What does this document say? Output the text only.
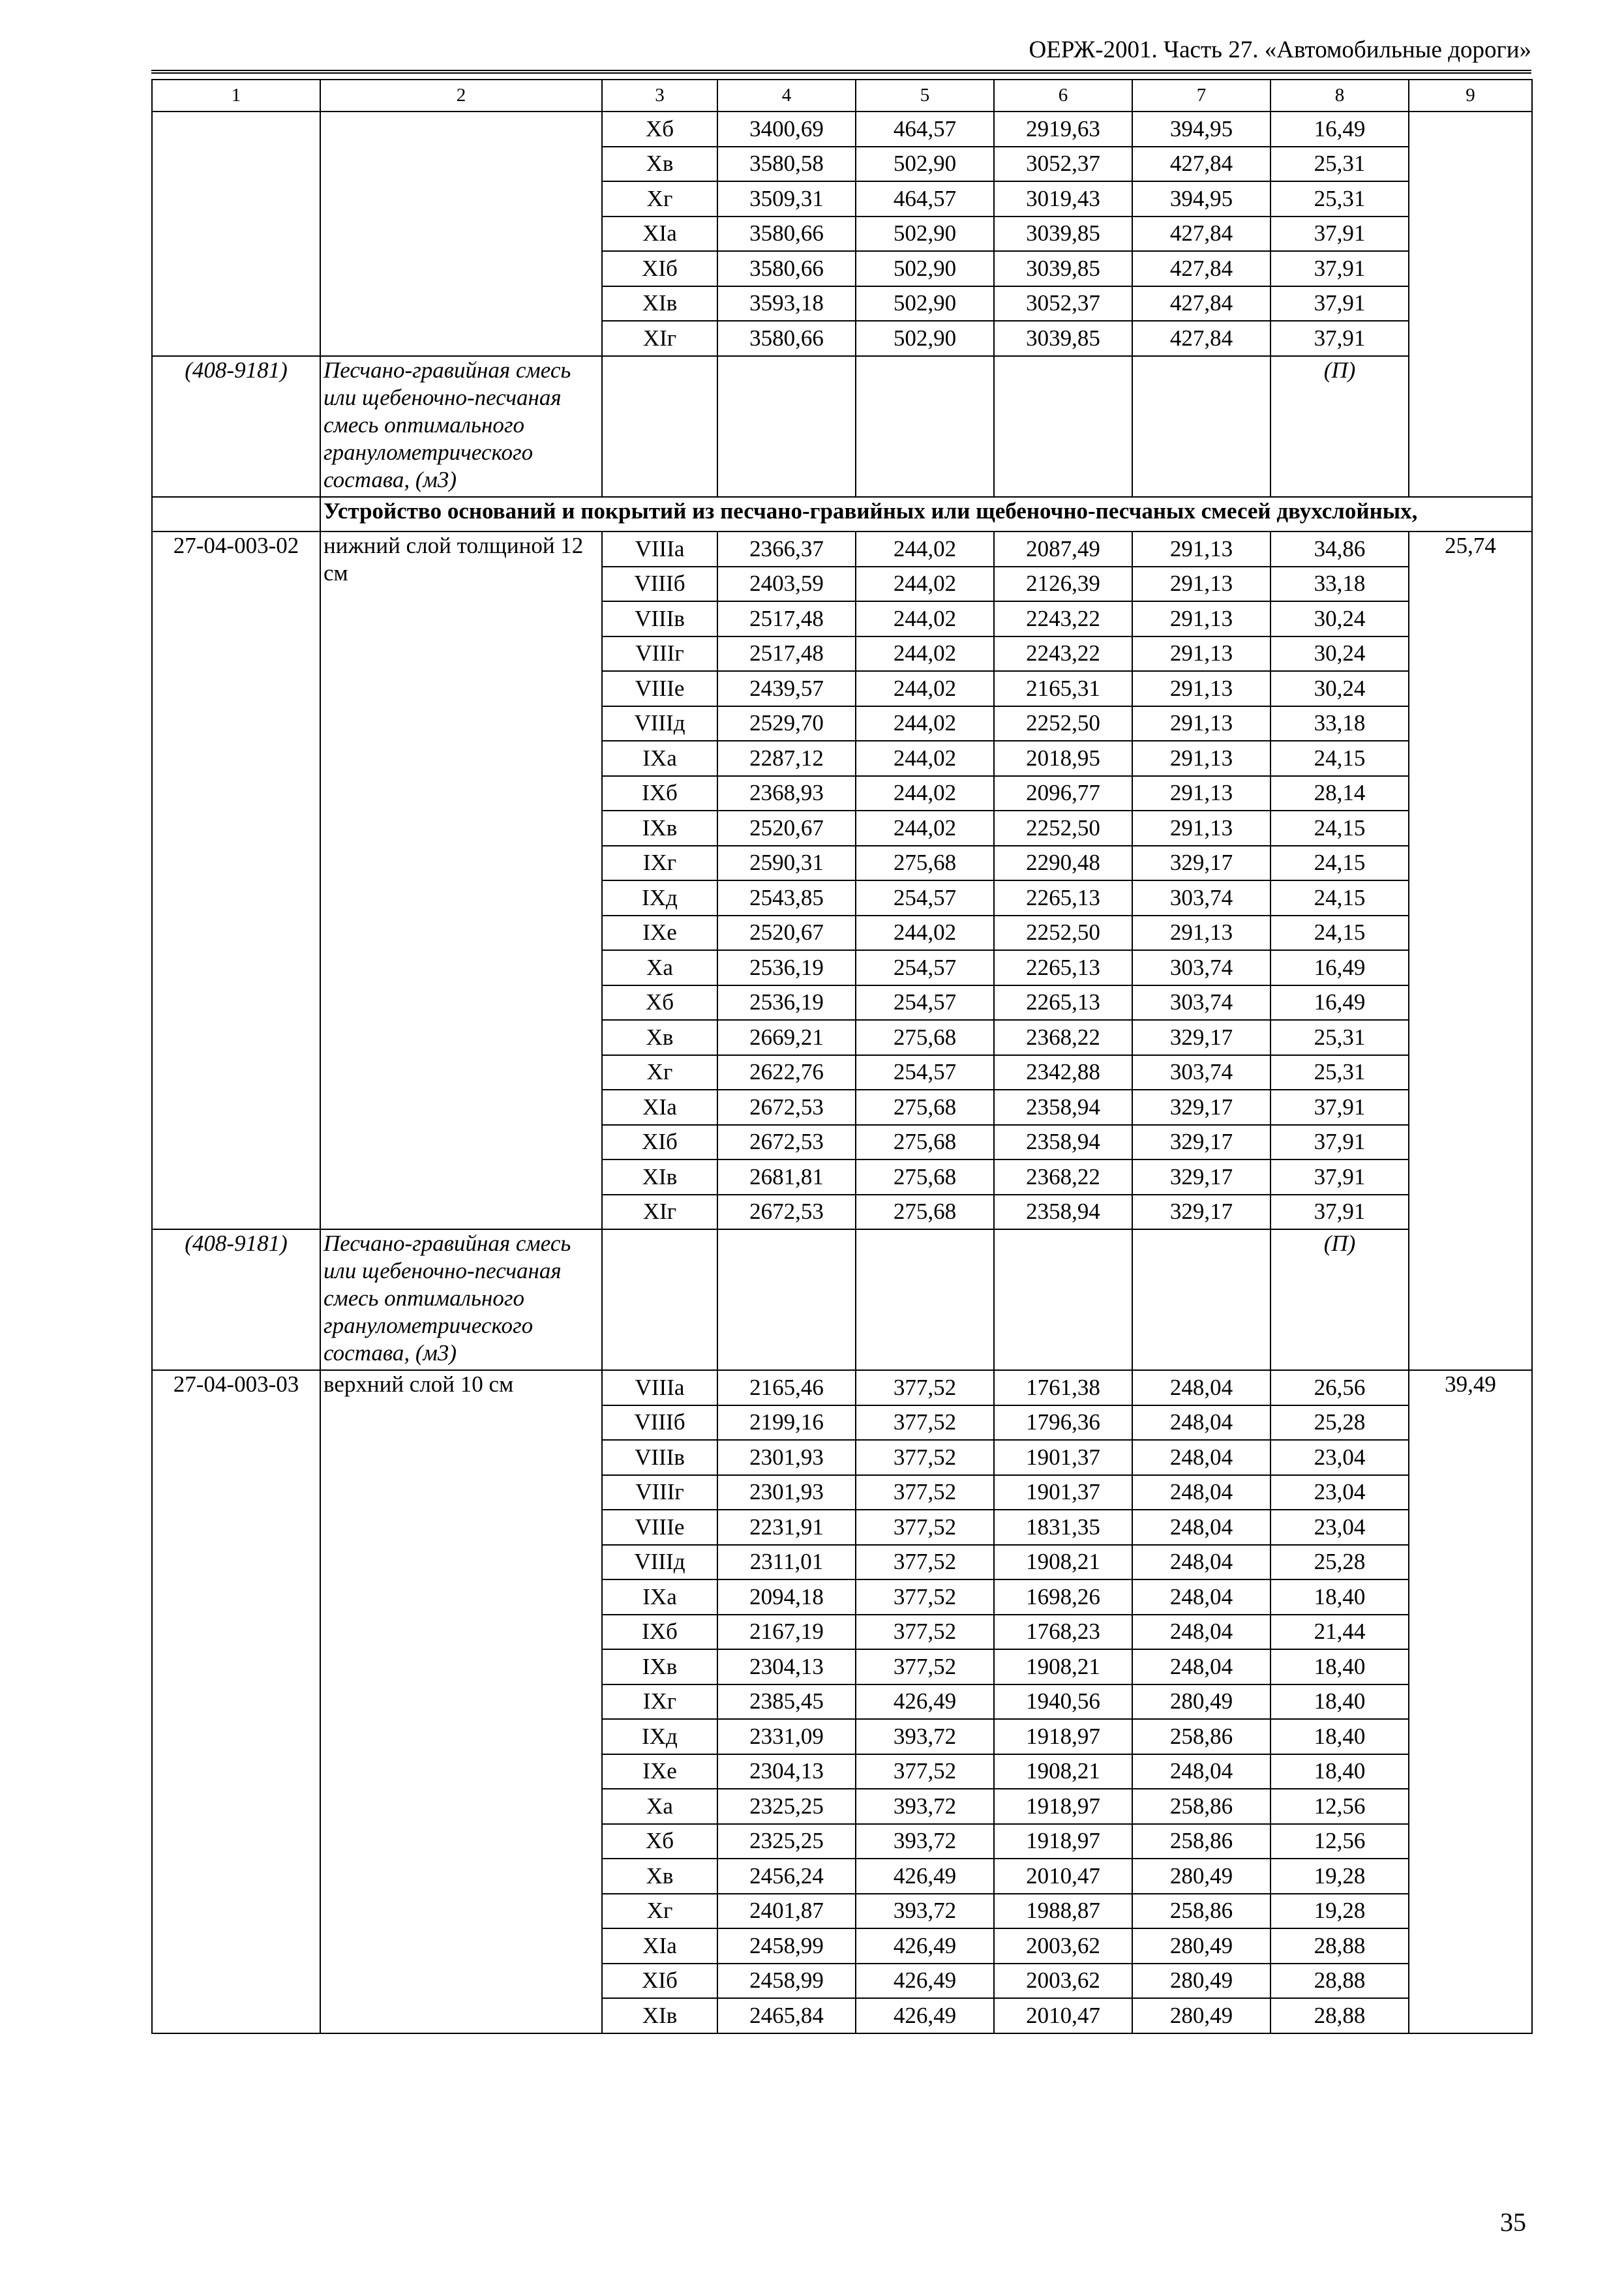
ОЕРЖ-2001. Часть 27. «Автомобильные дороги»
1	2	3	4	5	6	7	8	9
		Xб	3400,69	464,57	2919,63	394,95	16,49	
		Xв	3580,58	502,90	3052,37	427,84	25,31	
		Xг	3509,31	464,57	3019,43	394,95	25,31	
		XIа	3580,66	502,90	3039,85	427,84	37,91	
		XIб	3580,66	502,90	3039,85	427,84	37,91	
		XIв	3593,18	502,90	3052,37	427,84	37,91	
		XIг	3580,66	502,90	3039,85	427,84	37,91	
(408-9181)	Песчано-гравийная смесь или щебеночно-песчаная смесь оптимального гранулометрического состава, (м3)						(П)	
	Устройство оснований и покрытий из песчано-гравийных или щебеночно-песчаных смесей двухслойных,							
27-04-003-02	нижний слой толщиной 12 см	VIIIа	2366,37	244,02	2087,49	291,13	34,86	25,74
		VIIIб	2403,59	244,02	2126,39	291,13	33,18	
		VIIIв	2517,48	244,02	2243,22	291,13	30,24	
		VIIIг	2517,48	244,02	2243,22	291,13	30,24	
		VIIIе	2439,57	244,02	2165,31	291,13	30,24	
		VIIIд	2529,70	244,02	2252,50	291,13	33,18	
		IXа	2287,12	244,02	2018,95	291,13	24,15	
		IXб	2368,93	244,02	2096,77	291,13	28,14	
		IXв	2520,67	244,02	2252,50	291,13	24,15	
		IXг	2590,31	275,68	2290,48	329,17	24,15	
		IXд	2543,85	254,57	2265,13	303,74	24,15	
		IXе	2520,67	244,02	2252,50	291,13	24,15	
		Xа	2536,19	254,57	2265,13	303,74	16,49	
		Xб	2536,19	254,57	2265,13	303,74	16,49	
		Xв	2669,21	275,68	2368,22	329,17	25,31	
		Xг	2622,76	254,57	2342,88	303,74	25,31	
		XIа	2672,53	275,68	2358,94	329,17	37,91	
		XIб	2672,53	275,68	2358,94	329,17	37,91	
		XIв	2681,81	275,68	2368,22	329,17	37,91	
		XIг	2672,53	275,68	2358,94	329,17	37,91	
(408-9181)	Песчано-гравийная смесь или щебеночно-песчаная смесь оптимального гранулометрического состава, (м3)						(П)	
27-04-003-03	верхний слой 10 см	VIIIа	2165,46	377,52	1761,38	248,04	26,56	39,49
		VIIIб	2199,16	377,52	1796,36	248,04	25,28	
		VIIIв	2301,93	377,52	1901,37	248,04	23,04	
		VIIIг	2301,93	377,52	1901,37	248,04	23,04	
		VIIIе	2231,91	377,52	1831,35	248,04	23,04	
		VIIIд	2311,01	377,52	1908,21	248,04	25,28	
		IXа	2094,18	377,52	1698,26	248,04	18,40	
		IXб	2167,19	377,52	1768,23	248,04	21,44	
		IXв	2304,13	377,52	1908,21	248,04	18,40	
		IXг	2385,45	426,49	1940,56	280,49	18,40	
		IXд	2331,09	393,72	1918,97	258,86	18,40	
		IXе	2304,13	377,52	1908,21	248,04	18,40	
		Xа	2325,25	393,72	1918,97	258,86	12,56	
		Xб	2325,25	393,72	1918,97	258,86	12,56	
		Xв	2456,24	426,49	2010,47	280,49	19,28	
		Xг	2401,87	393,72	1988,87	258,86	19,28	
		XIа	2458,99	426,49	2003,62	280,49	28,88	
		XIб	2458,99	426,49	2003,62	280,49	28,88	
		XIв	2465,84	426,49	2010,47	280,49	28,88	
35
